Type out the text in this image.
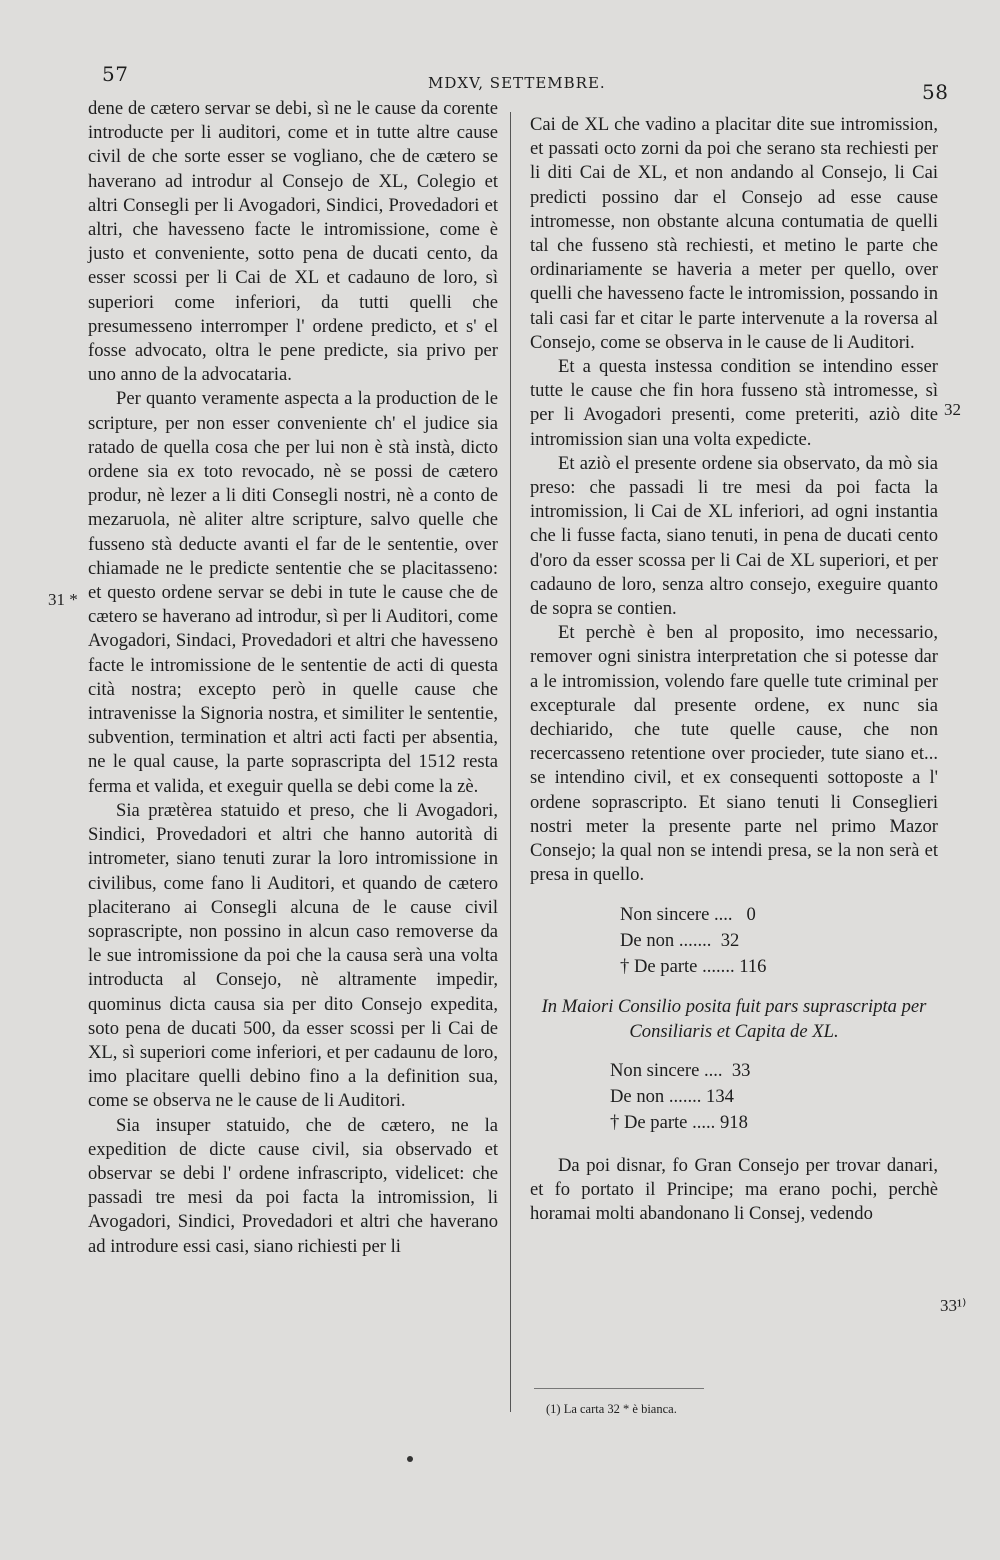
57	MDXV, SETTEMBRE.	58
31 *
32
33¹⁾

dene de cætero servar se debi, sì ne le cause da corente introducte per li auditori, come et in tutte altre cause civil de che sorte esser se vogliano, che de cætero se haverano ad introdur al Consejo de XL, Colegio et altri Consegli per li Avogadori, Sindici, Provedadori et altri, che havesseno facte le intromissione, come è justo et conveniente, sotto pena de ducati cento, da esser scossi per li Cai de XL et cadauno de loro, sì superiori come inferiori, da tutti quelli che presumesseno interromper l' ordene predicto, et s' el fosse advocato, oltra le pene predicte, sia privo per uno anno de la advocataria.

Per quanto veramente aspecta a la production de le scripture, per non esser conveniente ch' el judice sia ratado de quella cosa che per lui non è stà instà, dicto ordene sia ex toto revocado, nè se possi de cætero produr, nè lezer a li diti Consegli nostri, nè a conto de mezaruola, nè aliter altre scripture, salvo quelle che fusseno stà deducte avanti el far de le sententie, over chiamade ne le predicte sententie che se placitasseno: et questo ordene servar se debi in tute le cause che de cætero se haverano ad introdur, sì per li Auditori, come Avogadori, Sindaci, Provedadori et altri che havesseno facte le intromissione de le sententie de acti di questa cità nostra; excepto però in quelle cause che intravenisse la Signoria nostra, et similiter le sententie, subvention, termination et altri acti facti per absentia, ne le qual cause, la parte soprascripta del 1512 resta ferma et valida, et exeguir quella se debi come la zè.

Sia prætèrea statuido et preso, che li Avogadori, Sindici, Provedadori et altri che hanno autorità di intrometer, siano tenuti zurar la loro intromissione in civilibus, come fano li Auditori, et quando de cætero placiterano ai Consegli alcuna de le cause civil soprascripte, non possino in alcun caso removerse da le sue intromissione da poi che la causa serà una volta introducta al Consejo, nè altramente impedir, quominus dicta causa sia per dito Consejo expedita, soto pena de ducati 500, da esser scossi per li Cai de XL, sì superiori come inferiori, et per cadaunu de loro, imo placitare quelli debino fino a la definition sua, come se observa ne le cause de li Auditori.

Sia insuper statuido, che de cætero, ne la expedition de dicte cause civil, sia observado et observar se debi l' ordene infrascripto, videlicet: che passadi tre mesi da poi facta la intromission, li Avogadori, Sindici, Provedadori et altri che haverano ad introdure essi casi, siano richiesti per li

Cai de XL che vadino a placitar dite sue intromission, et passati octo zorni da poi che serano sta rechiesti per li diti Cai de XL, et non andando al Consejo, li Cai predicti possino dar el Consejo ad esse cause intromesse, non obstante alcuna contumatia de quelli tal che fusseno stà rechiesti, et metino le parte che ordinariamente se haveria a meter per quello, over quelli che havesseno facte le intromission, possando in tali casi far et citar le parte intervenute a la roversa al Consejo, come se observa in le cause de li Auditori.

Et a questa instessa condition se intendino esser tutte le cause che fin hora fusseno stà intromesse, sì per li Avogadori presenti, come preteriti, aziò dite intromission sian una volta expedicte.

Et aziò el presente ordene sia observato, da mò sia preso: che passadi li tre mesi da poi facta la intromission, li Cai de XL inferiori, ad ogni instantia che li fusse facta, siano tenuti, in pena de ducati cento d'oro da esser scossa per li Cai de XL superiori, et per cadauno de loro, senza altro consejo, exeguire quanto de sopra se contien.

Et perchè è ben al proposito, imo necessario, remover ogni sinistra interpretation che si potesse dar a le intromission, volendo fare quelle tute criminal per excepturale dal presente ordene, ex nunc sia dechiarido, che tute quelle cause, che non recercasseno retentione over procieder, tute siano et... se intendino civil, et ex consequenti sottoposte a l' ordene soprascripto. Et siano tenuti li Conseglieri nostri meter la presente parte nel primo Mazor Consejo; la qual non se intendi presa, se la non serà et presa in quello.

Non sincere ....   0
De non .......  32
† De parte ....... 116

In Maiori Consilio posita fuit pars suprascripta per Consiliaris et Capita de XL.

Non sincere ....  33
De non ....... 134
† De parte ..... 918

Da poi disnar, fo Gran Consejo per trovar danari, et fo portato il Principe; ma erano pochi, perchè horamai molti abandonano li Consej, vedendo

(1) La carta 32 * è bianca.
